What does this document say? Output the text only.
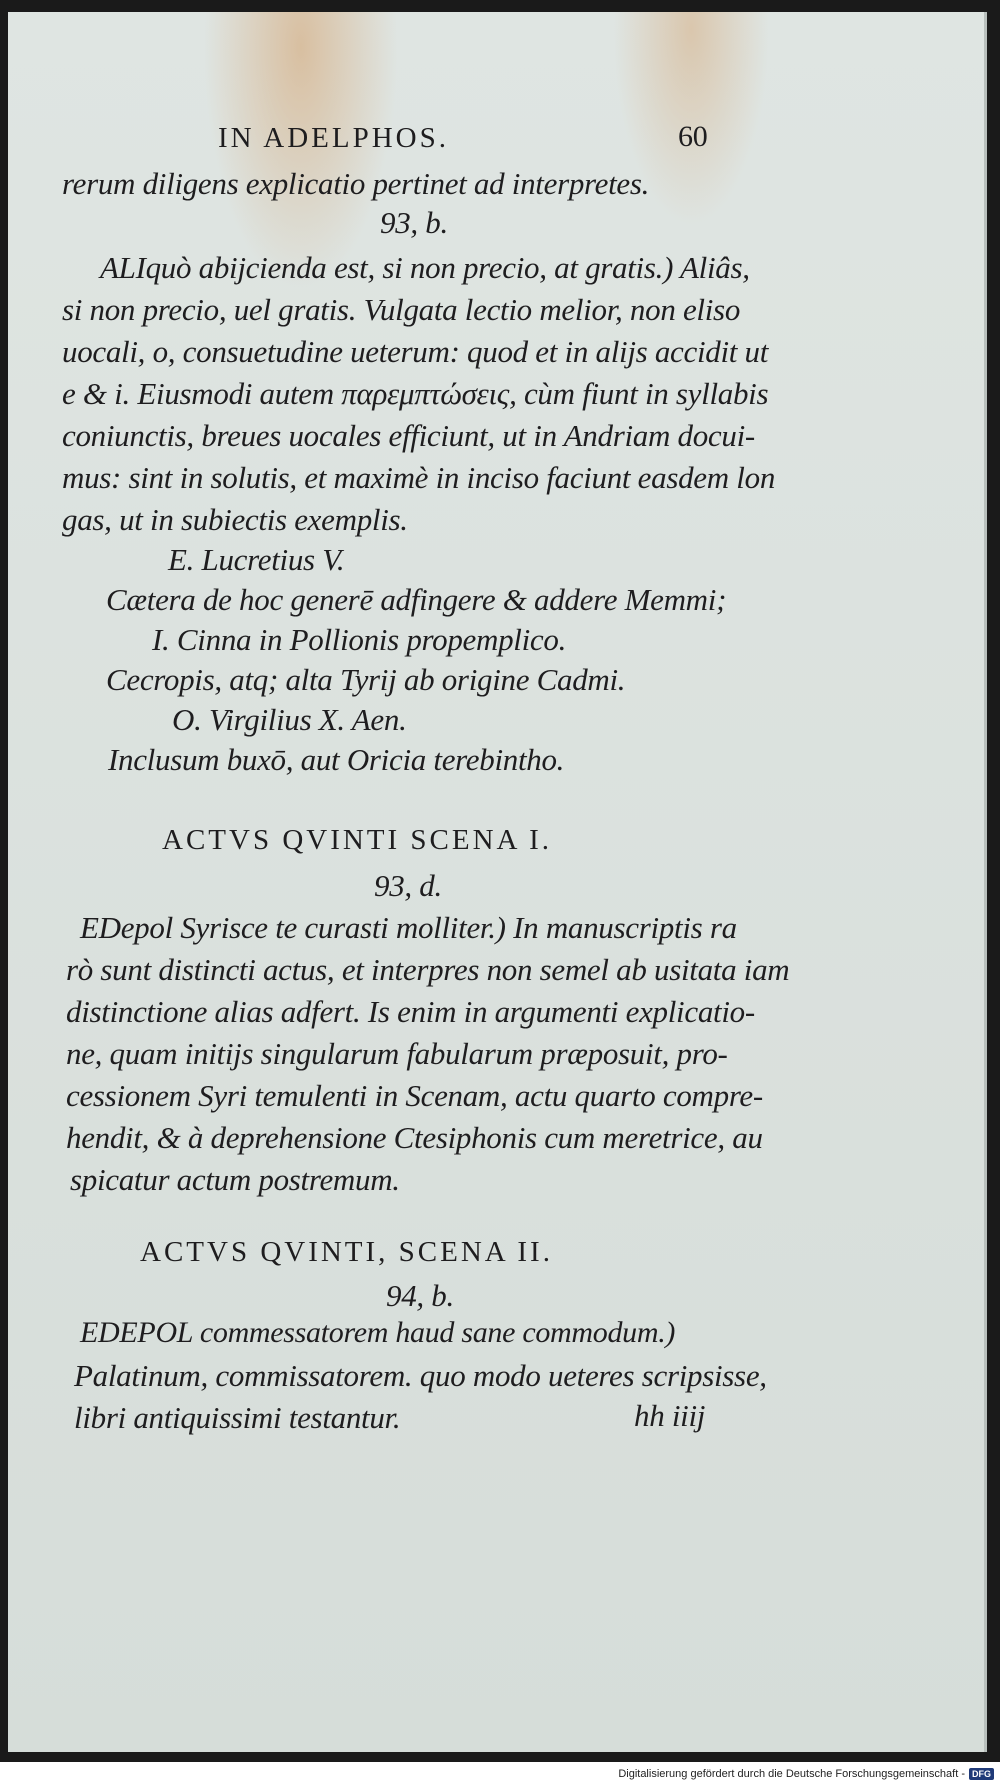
IN ADELPHOS.	60
rerum diligens explicatio pertinet ad interpretes.
93, b.
ALIquò abijcienda est, si non precio, at gratis.) Aliâs,
si non precio, uel gratis. Vulgata lectio melior, non eliso
uocali, o, consuetudine ueterum: quod et in alijs accidit ut
e & i. Eiusmodi autem παρεμπτώσεις, cùm fiunt in syllabis
coniunctis, breues uocales efficiunt, ut in Andriam docui-
mus: sint in solutis, et maximè in inciso faciunt easdem lon
gas, ut in subiectis exemplis.
E. Lucretius V.
Cætera de hoc generē adfingere & addere Memmi;
I. Cinna in Pollionis propemplico.
Cecropis, atq; alta Tyrij ab origine Cadmi.
O. Virgilius X. Aen.
Inclusum buxō, aut Oricia terebintho.
ACTVS QVINTI SCENA I.
93, d.
EDepol Syrisce te curasti molliter.) In manuscriptis ra
rò sunt distincti actus, et interpres non semel ab usitata iam
distinctione alias adfert. Is enim in argumenti explicatio-
ne, quam initijs singularum fabularum præposuit, pro-
cessionem Syri temulenti in Scenam, actu quarto compre-
hendit, & à deprehensione Ctesiphonis cum meretrice, au
spicatur actum postremum.
ACTVS QVINTI, SCENA II.
94, b.
EDEPOL commessatorem haud sane commodum.)
Palatinum, commissatorem. quo modo ueteres scripsisse,
libri antiquissimi testantur.	hh iiij
Digitalisierung gefördert durch die Deutsche Forschungsgemeinschaft - DFG
